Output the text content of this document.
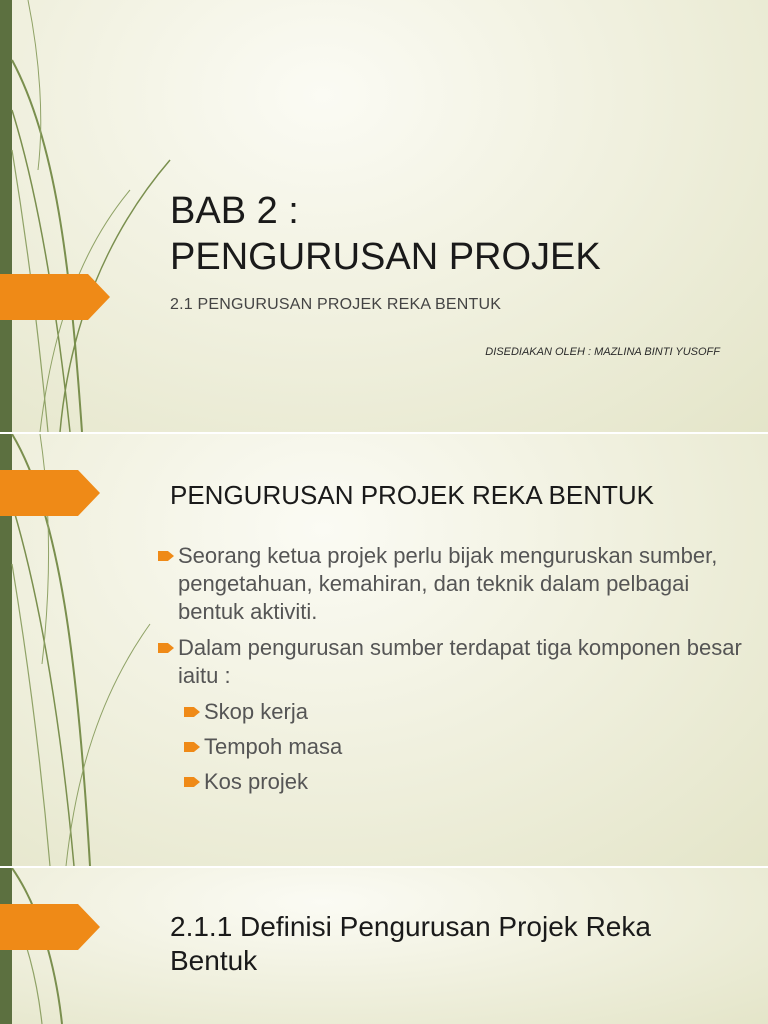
BAB 2 :
PENGURUSAN PROJEK
2.1 PENGURUSAN PROJEK REKA BENTUK
DISEDIAKAN OLEH : MAZLINA BINTI YUSOFF
PENGURUSAN PROJEK REKA BENTUK
Seorang ketua projek perlu bijak menguruskan sumber, pengetahuan, kemahiran, dan teknik dalam pelbagai bentuk aktiviti.
Dalam pengurusan sumber terdapat tiga komponen besar iaitu :
Skop kerja
Tempoh masa
Kos projek
2.1.1 Definisi Pengurusan Projek Reka Bentuk
